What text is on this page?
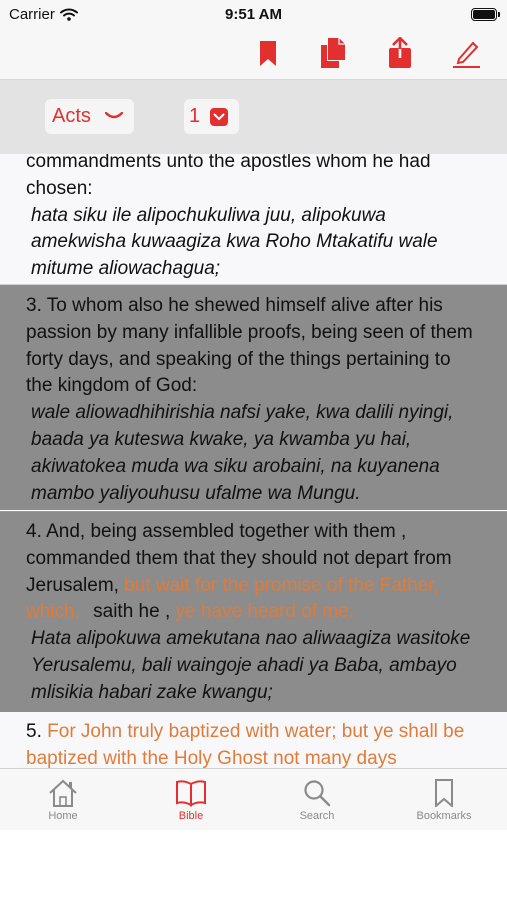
Carrier	9:51 AM
Acts	1
commandments unto the apostles whom he had chosen:
hata siku ile alipochukuliwa juu, alipokuwa amekwisha kuwaagiza kwa Roho Mtakatifu wale mitume aliowachagua;
3. To whom also he shewed himself alive after his passion by many infallible proofs, being seen of them forty days, and speaking of the things pertaining to the kingdom of God:
wale aliowadhihirishia nafsi yake, kwa dalili nyingi, baada ya kuteswa kwake, ya kwamba yu hai, akiwatokea muda wa siku arobaini, na kuyanena mambo yaliyouhusu ufalme wa Mungu.
4. And, being assembled together with them , commanded them that they should not depart from Jerusalem, but wait for the promise of the Father, which, saith he , ye have heard of me.
Hata alipokuwa amekutana nao aliwaagiza wasitoke Yerusalemu, bali waingoje ahadi ya Baba, ambayo mlisikia habari zake kwangu;
5. For John truly baptized with water; but ye shall be baptized with the Holy Ghost not many days
Home	Bible	Search	Bookmarks
